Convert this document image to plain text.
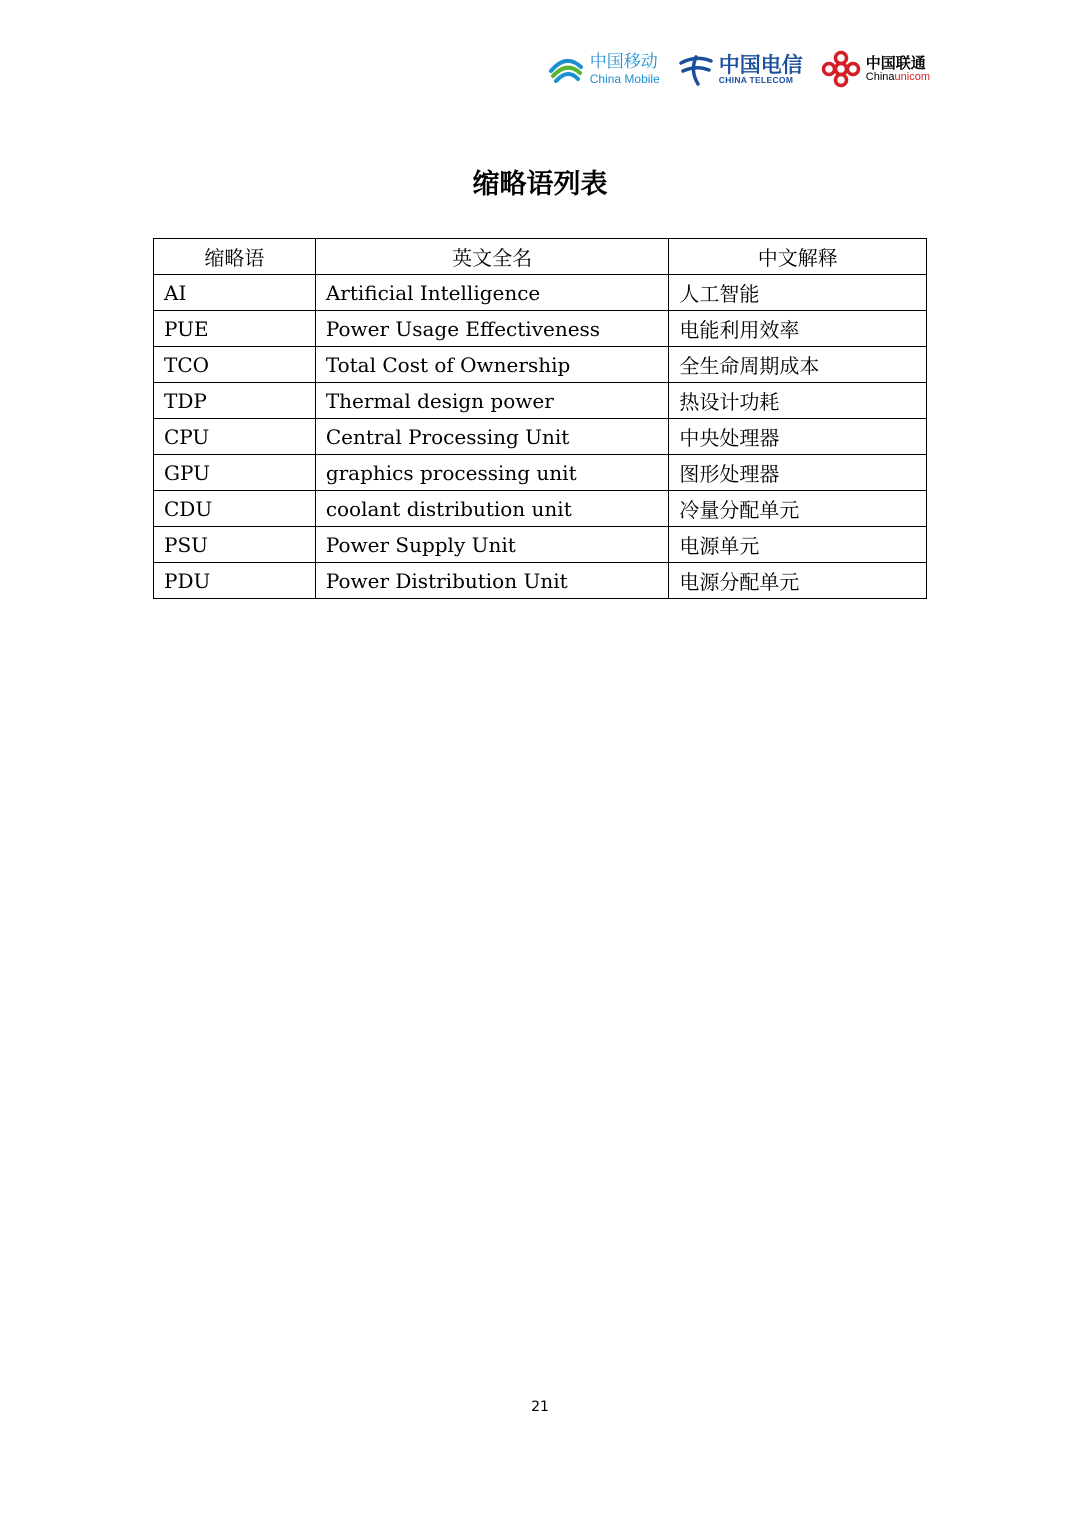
中国移动
China Mobile
中国电信
CHINA TELECOM
中国联通
Chinaunicom
缩略语列表
缩略语	英文全名	中文解释
AI	Artificial Intelligence	人工智能
PUE	Power Usage Effectiveness	电能利用效率
TCO	Total Cost of Ownership	全生命周期成本
TDP	Thermal design power	热设计功耗
CPU	Central Processing Unit	中央处理器
GPU	graphics processing unit	图形处理器
CDU	coolant distribution unit	冷量分配单元
PSU	Power Supply Unit	电源单元
PDU	Power Distribution Unit	电源分配单元
21
